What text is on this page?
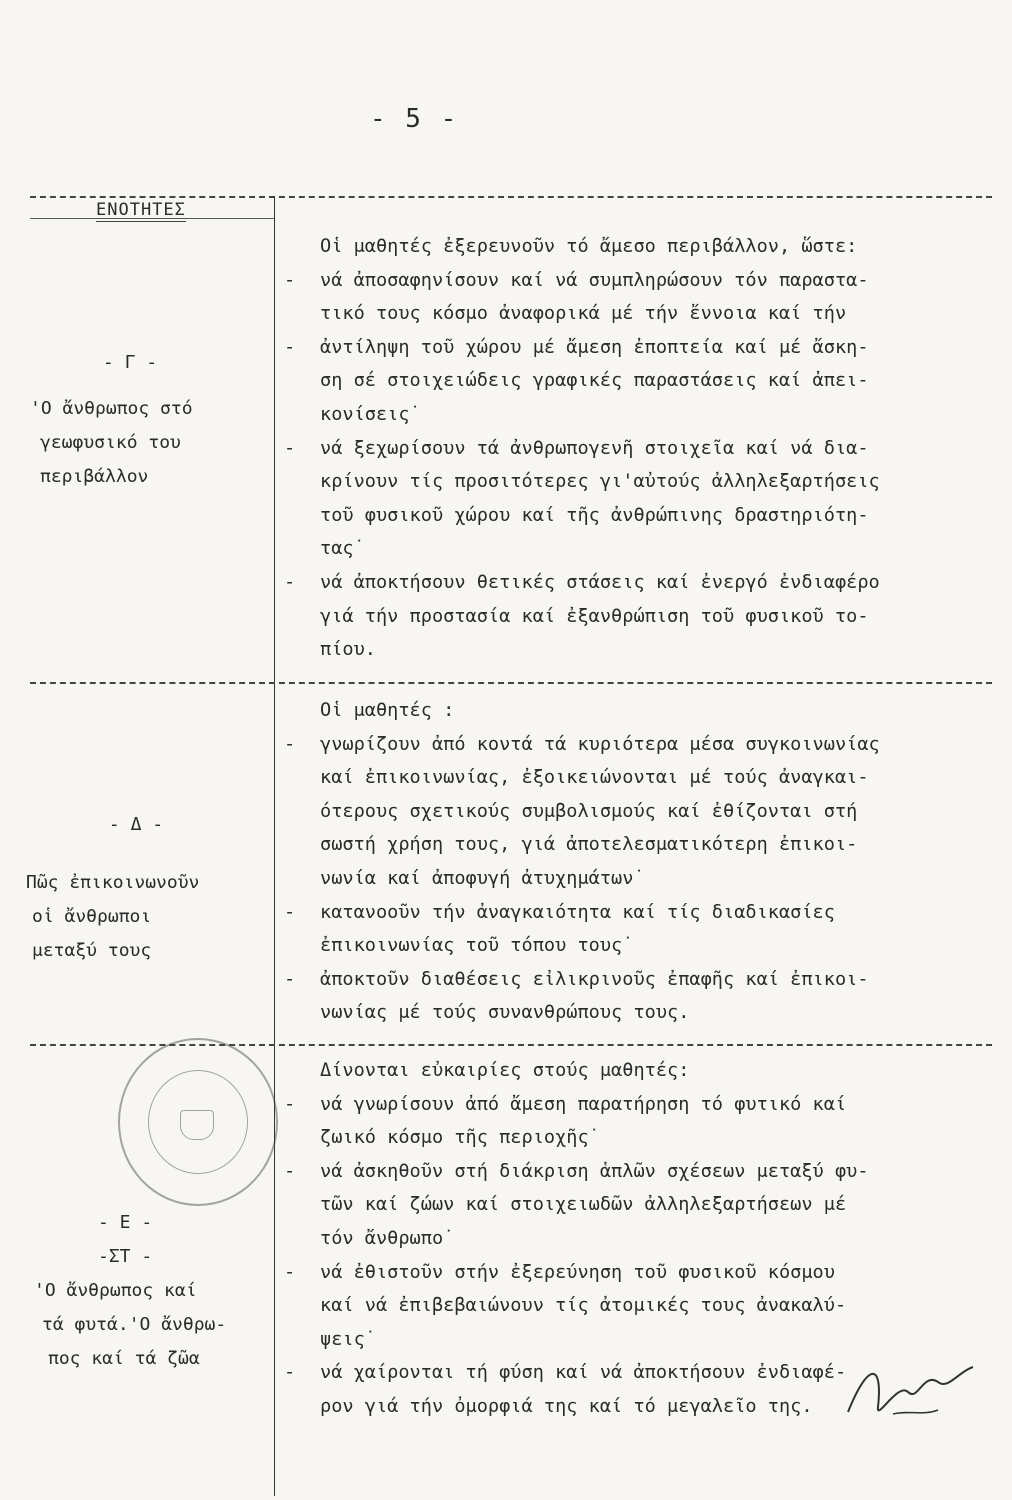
- 5 -
ΕΝΟΤΗΤΕΣ
- Γ -
'Ο ἄνθρωπος στό
γεωφυσικό του
περιβάλλον
Οἱ μαθητές ἐξερευνοῦν τό ἄμεσο περιβάλλον, ὥστε:
- νά ἀποσαφηνίσουν καί νά συμπληρώσουν τόν παραστα-
τικό τους κόσμο ἀναφορικά μέ τήν ἔννοια καί τήν
- ἀντίληψη τοῦ χώρου μέ ἄμεση ἐποπτεία καί μέ ἄσκη-
ση σέ στοιχειώδεις γραφικές παραστάσεις καί ἀπει-
κονίσεις˙
- νά ξεχωρίσουν τά ἀνθρωπογενῆ στοιχεῖα καί νά δια-
κρίνουν τίς προσιτότερες γι'αὐτούς ἀλληλεξαρτήσεις
τοῦ φυσικοῦ χώρου καί τῆς ἀνθρώπινης δραστηριότη-
τας˙
- νά ἀποκτήσουν θετικές στάσεις καί ἐνεργό ἐνδιαφέρο
γιά τήν προστασία καί ἐξανθρώπιση τοῦ φυσικοῦ το-
πίου.
- Δ -
Πῶς ἐπικοινωνοῦν
οἱ ἄνθρωποι
μεταξύ τους
Οἱ μαθητές :
- γνωρίζουν ἀπό κοντά τά κυριότερα μέσα συγκοινωνίας
καί ἐπικοινωνίας, ἐξοικειώνονται μέ τούς ἀναγκαι-
ότερους σχετικούς συμβολισμούς καί ἐθίζονται στή
σωστή χρήση τους, γιά ἀποτελεσματικότερη ἐπικοι-
νωνία καί ἀποφυγή ἀτυχημάτων˙
- κατανοοῦν τήν ἀναγκαιότητα καί τίς διαδικασίες
ἐπικοινωνίας τοῦ τόπου τους˙
- ἀποκτοῦν διαθέσεις εἰλικρινοῦς ἐπαφῆς καί ἐπικοι-
νωνίας μέ τούς συνανθρώπους τους.
- Ε -
-ΣΤ -
'Ο ἄνθρωπος καί
τά φυτά.'Ο ἄνθρω-
πος καί τά ζῶα
Δίνονται εὐκαιρίες στούς μαθητές:
- νά γνωρίσουν ἀπό ἄμεση παρατήρηση τό φυτικό καί
ζωικό κόσμο τῆς περιοχῆς˙
- νά ἀσκηθοῦν στή διάκριση ἁπλῶν σχέσεων μεταξύ φυ-
τῶν καί ζώων καί στοιχειωδῶν ἀλληλεξαρτήσεων μέ
τόν ἄνθρωπο˙
- νά ἐθιστοῦν στήν ἐξερεύνηση τοῦ φυσικοῦ κόσμου
καί νά ἐπιβεβαιώνουν τίς ἀτομικές τους ἀνακαλύ-
ψεις˙
- νά χαίρονται τή φύση καί νά ἀποκτήσουν ἐνδιαφέ-
ρον γιά τήν ὀμορφιά της καί τό μεγαλεῖο της.
